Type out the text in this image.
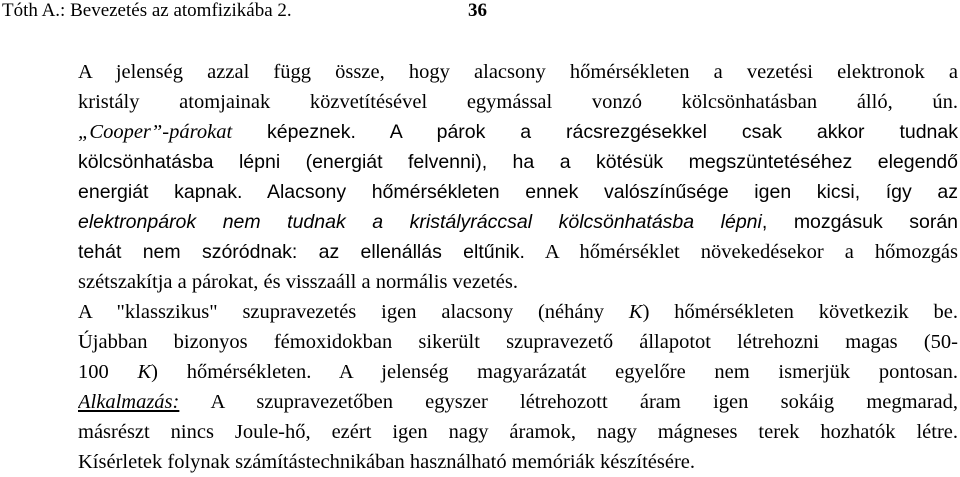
Tóth A.: Bevezetés az atomfizikába 2.	36
A jelenség azzal függ össze, hogy alacsony hőmérsékleten a vezetési elektronok a
kristály atomjainak közvetítésével egymással vonzó kölcsönhatásban álló, ún.
„Cooper”-párokat képeznek. A párok a rácsrezgésekkel csak akkor tudnak
kölcsönhatásba lépni (energiát felvenni), ha a kötésük megszüntetéséhez elegendő
energiát kapnak. Alacsony hőmérsékleten ennek valószínűsége igen kicsi, így az
elektronpárok nem tudnak a kristályráccsal kölcsönhatásba lépni, mozgásuk során
tehát nem szóródnak: az ellenállás eltűnik. A hőmérséklet növekedésekor a hőmozgás
szétszakítja a párokat, és visszaáll a normális vezetés.
A "klasszikus" szupravezetés igen alacsony (néhány K) hőmérsékleten következik be.
Újabban bizonyos fémoxidokban sikerült szupravezető állapotot létrehozni magas (50-
100 K) hőmérsékleten. A jelenség magyarázatát egyelőre nem ismerjük pontosan.
Alkalmazás: A szupravezetőben egyszer létrehozott áram igen sokáig megmarad,
másrészt nincs Joule-hő, ezért igen nagy áramok, nagy mágneses terek hozhatók létre.
Kísérletek folynak számítástechnikában használható memóriák készítésére.
